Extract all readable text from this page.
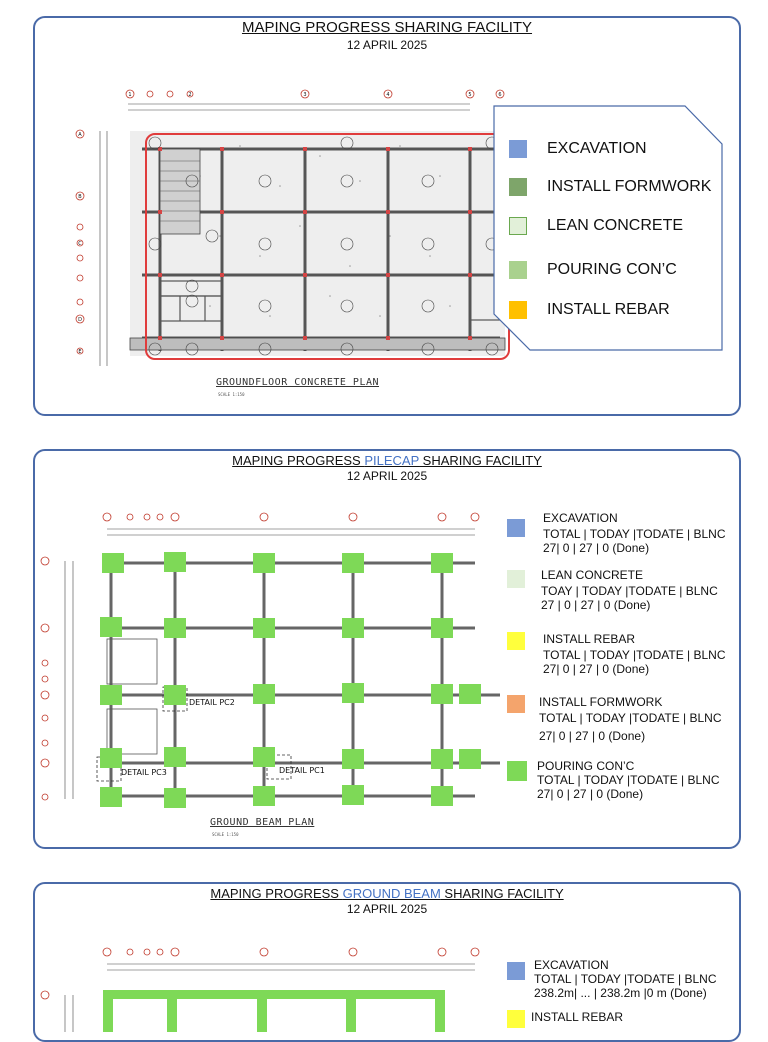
MAPING PROGRESS SHARING FACILITY
12 APRIL 2025
1	2	3	4	5	6
A
B
C
D
E
GROUNDFLOOR CONCRETE PLAN
SCALE 1:150
EXCAVATION
INSTALL FORMWORK
LEAN CONCRETE
POURING CON’C
INSTALL REBAR
MAPING PROGRESS PILECAP SHARING FACILITY
12 APRIL 2025
DETAIL PC2
DETAIL PC3	DETAIL PC1
GROUND BEAM PLAN
SCALE 1:150
EXCAVATION
TOTAL | TODAY |TODATE | BLNC
27| 0 | 27 | 0 (Done)
LEAN CONCRETE
TOAY | TODAY |TODATE | BLNC
27 | 0 | 27 | 0 (Done)
INSTALL REBAR
TOTAL | TODAY |TODATE | BLNC
27| 0 | 27 | 0 (Done)
INSTALL FORMWORK
TOTAL | TODAY |TODATE | BLNC
27| 0 | 27 | 0 (Done)
POURING CON’C
TOTAL | TODAY |TODATE | BLNC
27| 0 | 27 | 0 (Done)
MAPING PROGRESS GROUND BEAM SHARING FACILITY
12 APRIL 2025
EXCAVATION
TOTAL | TODAY |TODATE | BLNC
238.2m| ... | 238.2m |0 m (Done)
INSTALL REBAR
